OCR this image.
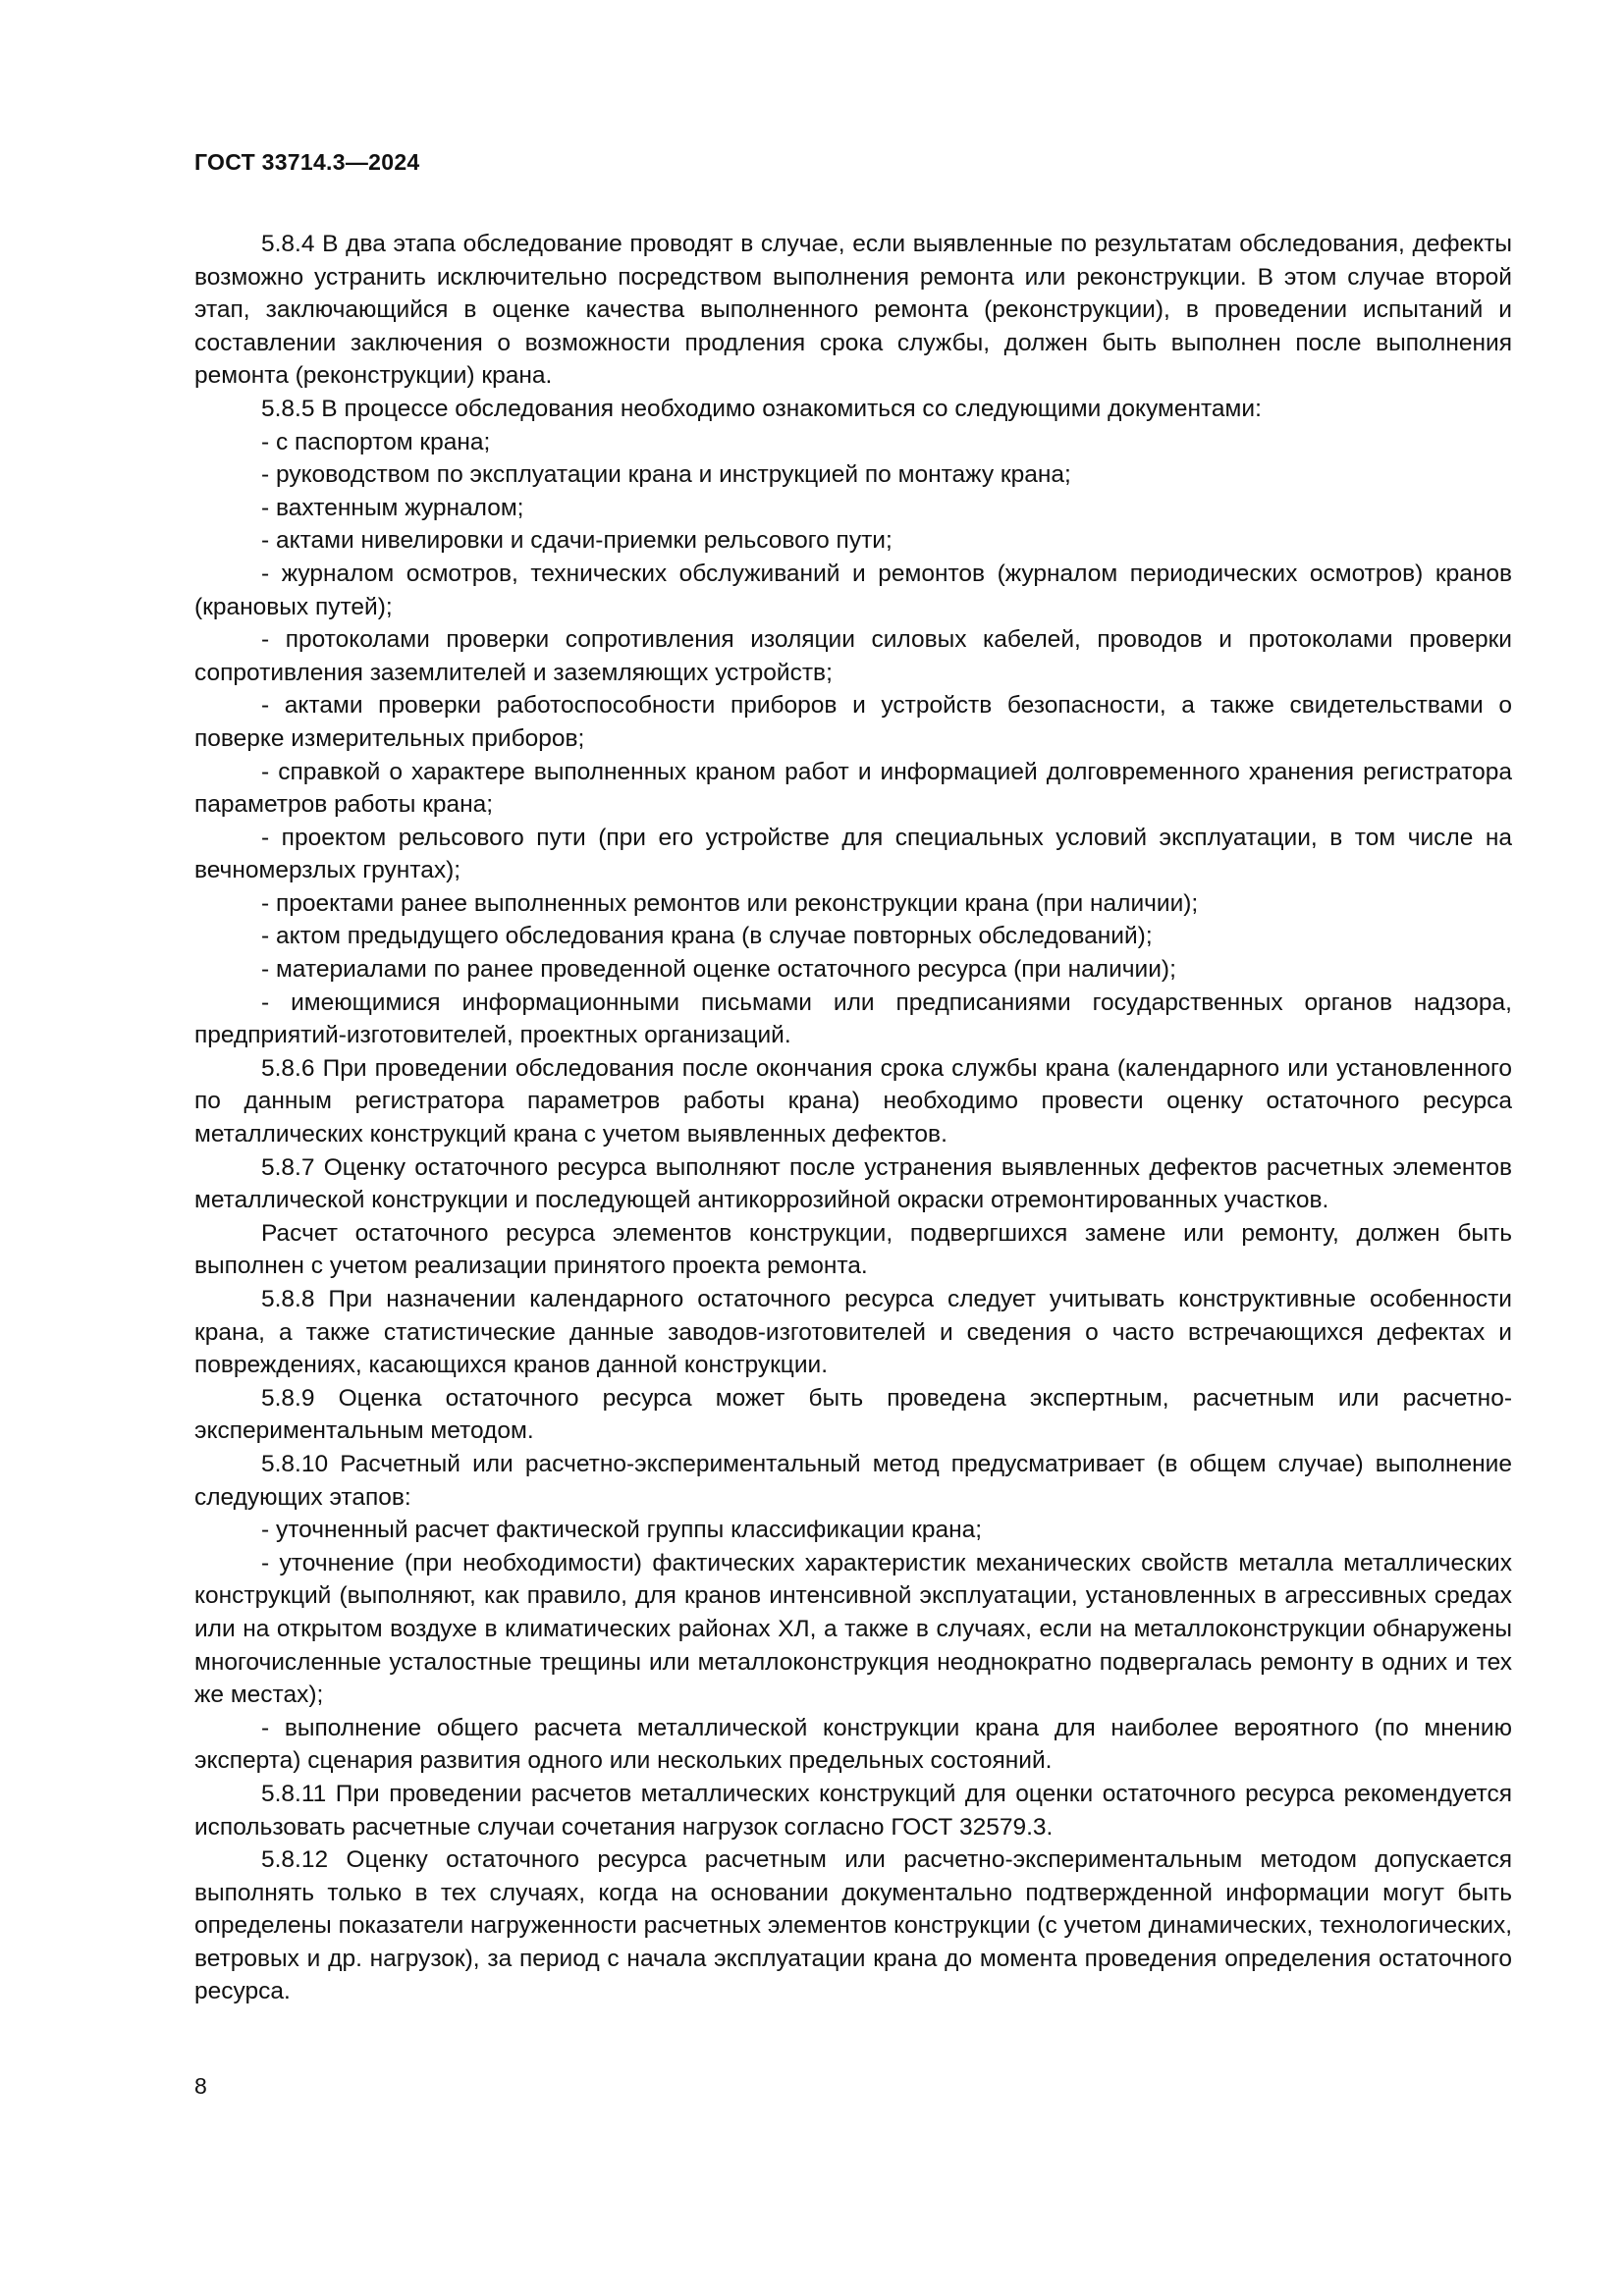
ГОСТ 33714.3—2024

5.8.4 В два этапа обследование проводят в случае, если выявленные по результатам обследования, дефекты возможно устранить исключительно посредством выполнения ремонта или реконструкции. В этом случае второй этап, заключающийся в оценке качества выполненного ремонта (реконструкции), в проведении испытаний и составлении заключения о возможности продления срока службы, должен быть выполнен после выполнения ремонта (реконструкции) крана.

5.8.5 В процессе обследования необходимо ознакомиться со следующими документами:

- с паспортом крана;

- руководством по эксплуатации крана и инструкцией по монтажу крана;

- вахтенным журналом;

- актами нивелировки и сдачи-приемки рельсового пути;

- журналом осмотров, технических обслуживаний и ремонтов (журналом периодических осмотров) кранов (крановых путей);

- протоколами проверки сопротивления изоляции силовых кабелей, проводов и протоколами проверки сопротивления заземлителей и заземляющих устройств;

- актами проверки работоспособности приборов и устройств безопасности, а также свидетельствами о поверке измерительных приборов;

- справкой о характере выполненных краном работ и информацией долговременного хранения регистратора параметров работы крана;

- проектом рельсового пути (при его устройстве для специальных условий эксплуатации, в том числе на вечномерзлых грунтах);

- проектами ранее выполненных ремонтов или реконструкции крана (при наличии);

- актом предыдущего обследования крана (в случае повторных обследований);

- материалами по ранее проведенной оценке остаточного ресурса (при наличии);

- имеющимися информационными письмами или предписаниями государственных органов надзора, предприятий-изготовителей, проектных организаций.

5.8.6 При проведении обследования после окончания срока службы крана (календарного или установленного по данным регистратора параметров работы крана) необходимо провести оценку остаточного ресурса металлических конструкций крана с учетом выявленных дефектов.

5.8.7 Оценку остаточного ресурса выполняют после устранения выявленных дефектов расчетных элементов металлической конструкции и последующей антикоррозийной окраски отремонтированных участков.

Расчет остаточного ресурса элементов конструкции, подвергшихся замене или ремонту, должен быть выполнен с учетом реализации принятого проекта ремонта.

5.8.8 При назначении календарного остаточного ресурса следует учитывать конструктивные особенности крана, а также статистические данные заводов-изготовителей и сведения о часто встречающихся дефектах и повреждениях, касающихся кранов данной конструкции.

5.8.9 Оценка остаточного ресурса может быть проведена экспертным, расчетным или расчетно-экспериментальным методом.

5.8.10 Расчетный или расчетно-экспериментальный метод предусматривает (в общем случае) выполнение следующих этапов:

- уточненный расчет фактической группы классификации крана;

- уточнение (при необходимости) фактических характеристик механических свойств металла металлических конструкций (выполняют, как правило, для кранов интенсивной эксплуатации, установленных в агрессивных средах или на открытом воздухе в климатических районах ХЛ, а также в случаях, если на металлоконструкции обнаружены многочисленные усталостные трещины или металлоконструкция неоднократно подвергалась ремонту в одних и тех же местах);

- выполнение общего расчета металлической конструкции крана для наиболее вероятного (по мнению эксперта) сценария развития одного или нескольких предельных состояний.

5.8.11 При проведении расчетов металлических конструкций для оценки остаточного ресурса рекомендуется использовать расчетные случаи сочетания нагрузок согласно ГОСТ 32579.3.

5.8.12 Оценку остаточного ресурса расчетным или расчетно-экспериментальным методом допускается выполнять только в тех случаях, когда на основании документально подтвержденной информации могут быть определены показатели нагруженности расчетных элементов конструкции (с учетом динамических, технологических, ветровых и др. нагрузок), за период с начала эксплуатации крана до момента проведения определения остаточного ресурса.

8
